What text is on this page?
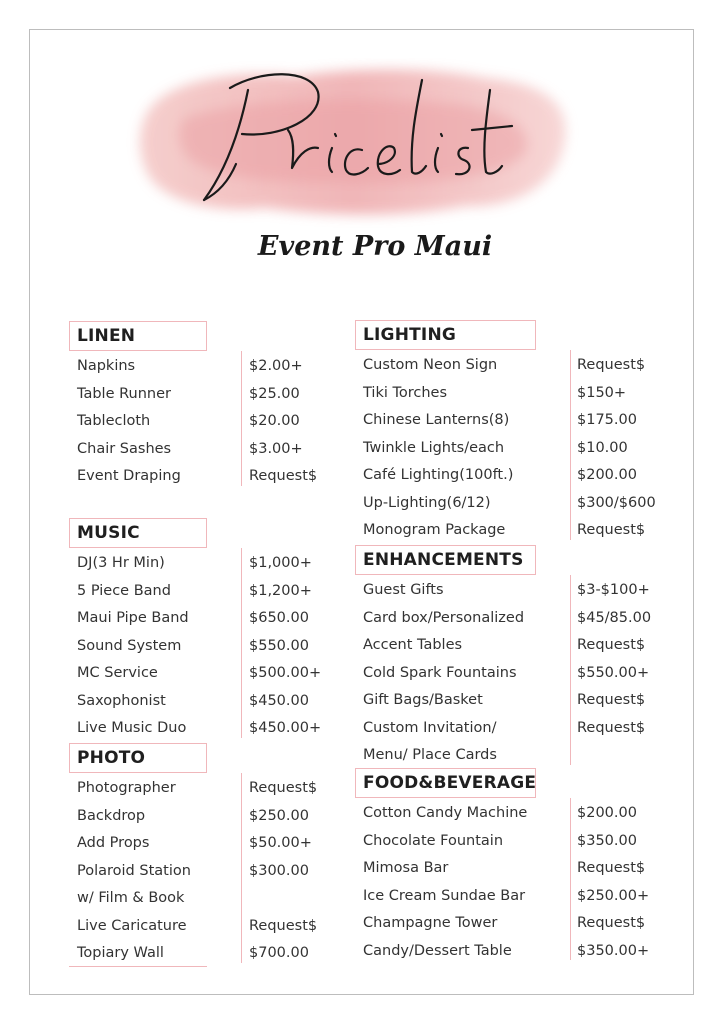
Event Pro Maui
LINEN
Napkins	$2.00+
Table Runner	$25.00
Tablecloth	$20.00
Chair Sashes	$3.00+
Event Draping	Request$
MUSIC
DJ(3 Hr Min)	$1,000+
5 Piece Band	$1,200+
Maui Pipe Band	$650.00
Sound System	$550.00
MC Service	$500.00+
Saxophonist	$450.00
Live Music Duo	$450.00+
PHOTO
Photographer	Request$
Backdrop	$250.00
Add Props	$50.00+
Polaroid Station	$300.00
w/ Film & Book
Live Caricature	Request$
Topiary Wall	$700.00
LIGHTING
Custom Neon Sign	Request$
Tiki Torches	$150+
Chinese Lanterns(8)	$175.00
Twinkle Lights/each	$10.00
Café Lighting(100ft.)	$200.00
Up-Lighting(6/12)	$300/$600
Monogram Package	Request$
ENHANCEMENTS
Guest Gifts	$3-$100+
Card box/Personalized	$45/85.00
Accent Tables	Request$
Cold Spark Fountains	$550.00+
Gift Bags/Basket	Request$
Custom Invitation/	Request$
Menu/ Place Cards
FOOD&BEVERAGE
Cotton Candy Machine	$200.00
Chocolate Fountain	$350.00
Mimosa Bar	Request$
Ice Cream Sundae Bar	$250.00+
Champagne Tower	Request$
Candy/Dessert Table	$350.00+
